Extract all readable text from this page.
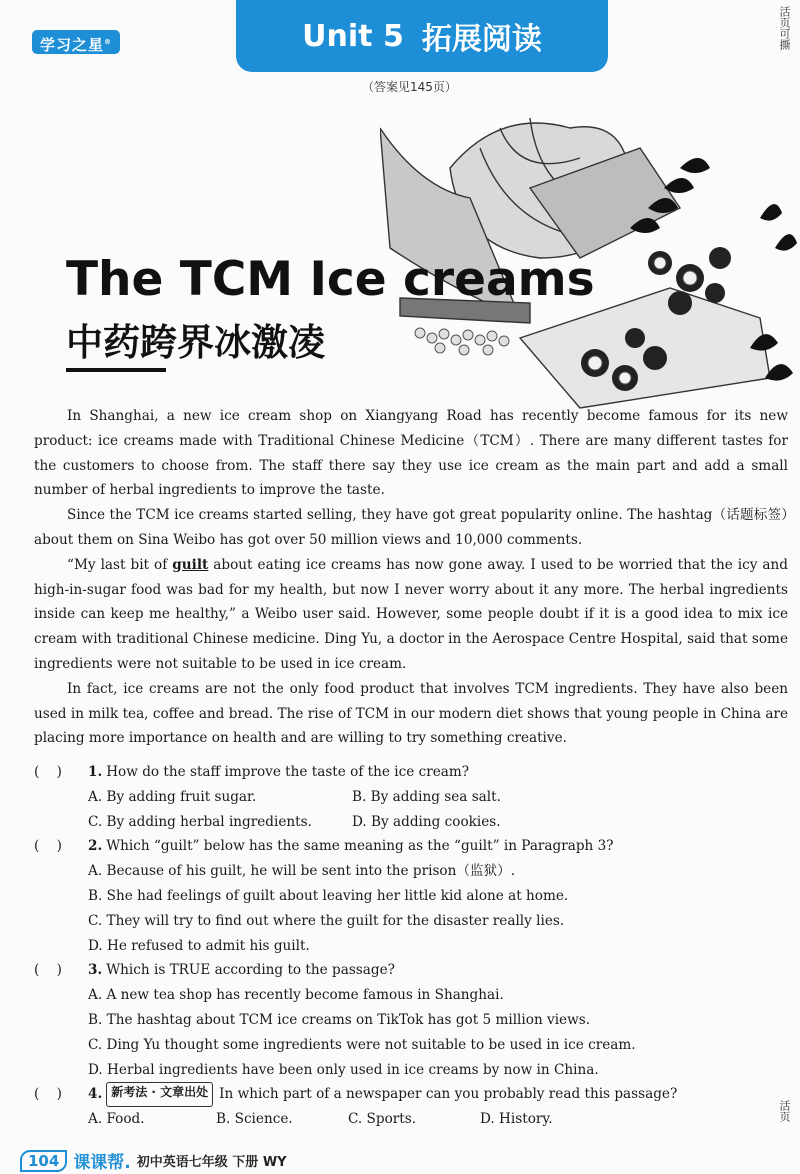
学习之星®	Unit 5 拓展阅读
（答案见145页）
活页可撕
活页
The TCM Ice creams
中药跨界冰激凌

In Shanghai, a new ice cream shop on Xiangyang Road has recently become famous for its new product: ice creams made with Traditional Chinese Medicine（TCM）. There are many different tastes for the customers to choose from. The staff there say they use ice cream as the main part and add a small number of herbal ingredients to improve the taste.

Since the TCM ice creams started selling, they have got great popularity online. The hashtag（话题标签）about them on Sina Weibo has got over 50 million views and 10,000 comments.

“My last bit of guilt about eating ice creams has now gone away. I used to be worried that the icy and high-in-sugar food was bad for my health, but now I never worry about it any more. The herbal ingredients inside can keep me healthy,” a Weibo user said. However, some people doubt if it is a good idea to mix ice cream with traditional Chinese medicine. Ding Yu, a doctor in the Aerospace Centre Hospital, said that some ingredients were not suitable to be used in ice cream.

In fact, ice creams are not the only food product that involves TCM ingredients. They have also been used in milk tea, coffee and bread. The rise of TCM in our modern diet shows that young people in China are placing more importance on health and are willing to try something creative.

(    )	1. How do the staff improve the taste of the ice cream?
A. By adding fruit sugar.	B. By adding sea salt.
C. By adding herbal ingredients.	D. By adding cookies.
(    )	2. Which “guilt” below has the same meaning as the “guilt” in Paragraph 3?
A. Because of his guilt, he will be sent into the prison（监狱）.
B. She had feelings of guilt about leaving her little kid alone at home.
C. They will try to find out where the guilt for the disaster really lies.
D. He refused to admit his guilt.
(    )	3. Which is TRUE according to the passage?
A. A new tea shop has recently become famous in Shanghai.
B. The hashtag about TCM ice creams on TikTok has got 5 million views.
C. Ding Yu thought some ingredients were not suitable to be used in ice cream.
D. Herbal ingredients have been only used in ice creams by now in China.
(    )	4. 新考法 · 文章出处 In which part of a newspaper can you probably read this passage?
A. Food.	B. Science.	C. Sports.	D. History.
104 课课帮. 初中英语七年级 下册 WY
